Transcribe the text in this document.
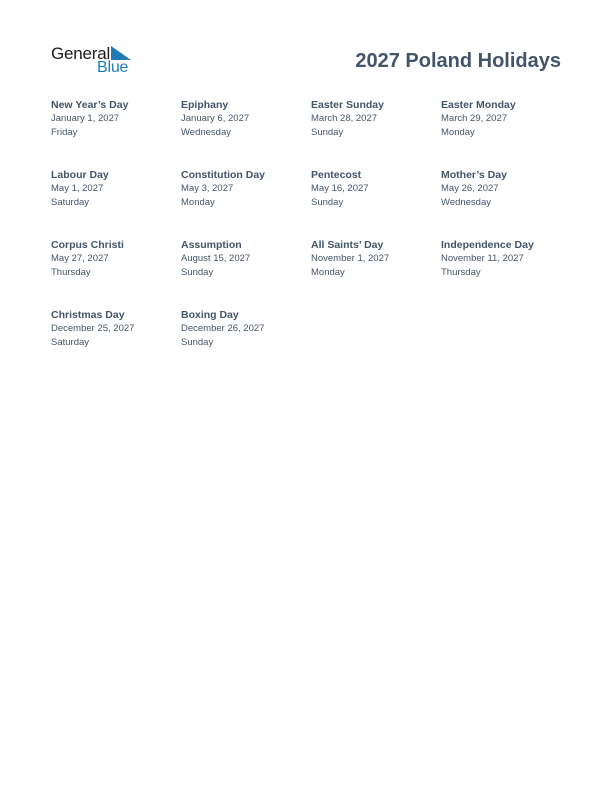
General
Blue	2027 Poland Holidays
New Year’s Day
January 1, 2027
Friday
Epiphany
January 6, 2027
Wednesday
Easter Sunday
March 28, 2027
Sunday
Easter Monday
March 29, 2027
Monday
Labour Day
May 1, 2027
Saturday
Constitution Day
May 3, 2027
Monday
Pentecost
May 16, 2027
Sunday
Mother’s Day
May 26, 2027
Wednesday
Corpus Christi
May 27, 2027
Thursday
Assumption
August 15, 2027
Sunday
All Saints’ Day
November 1, 2027
Monday
Independence Day
November 11, 2027
Thursday
Christmas Day
December 25, 2027
Saturday
Boxing Day
December 26, 2027
Sunday
